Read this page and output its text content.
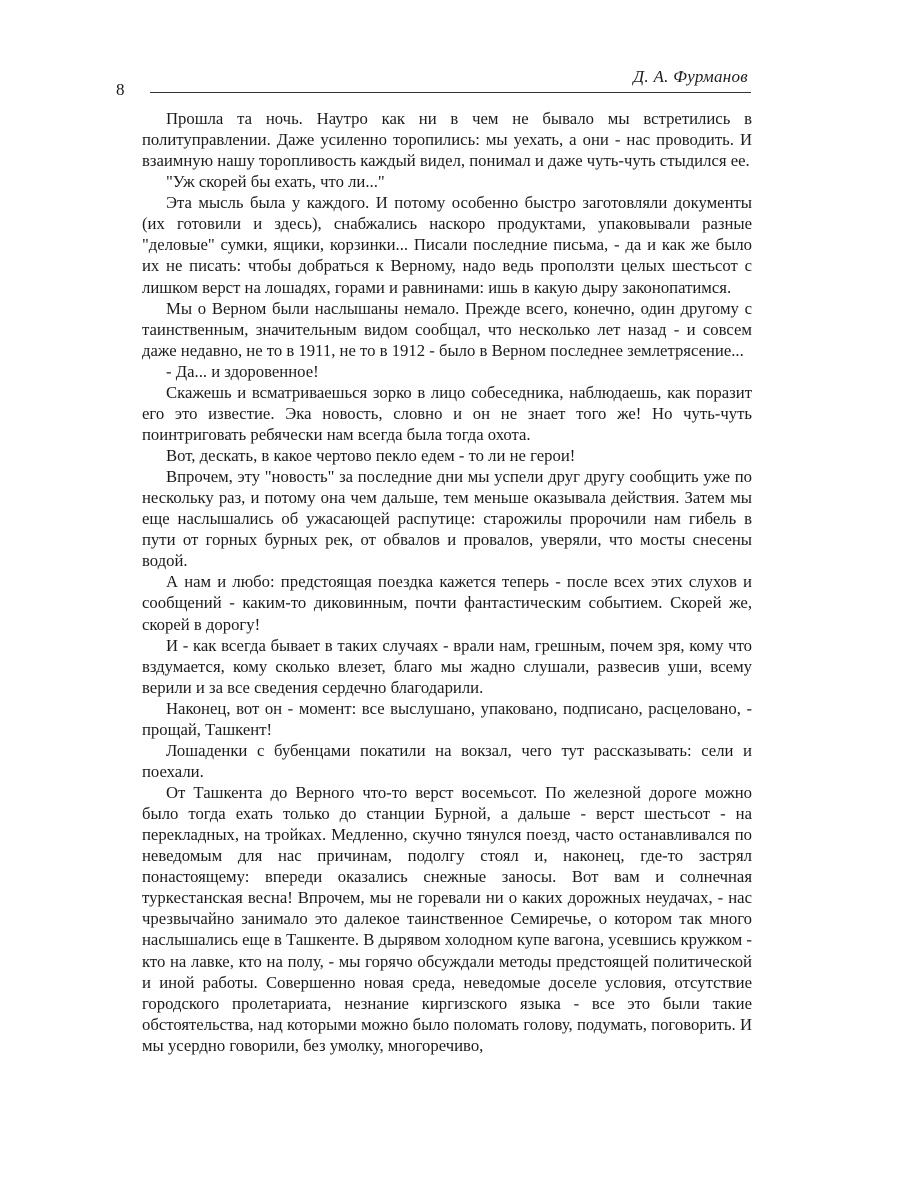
8
Д. А. Фурманов

Прошла та ночь. Наутро как ни в чем не бывало мы встретились в политуправлении. Даже усиленно торопились: мы уехать, а они - нас проводить. И взаимную нашу торопливость каждый видел, понимал и даже чуть-чуть стыдился ее.

"Уж скорей бы ехать, что ли..."

Эта мысль была у каждого. И потому особенно быстро заготовляли документы (их готовили и здесь), снабжались наскоро продуктами, упаковывали разные "деловые" сумки, ящики, корзинки... Писали последние письма, - да и как же было их не писать: чтобы добраться к Верному, надо ведь проползти целых шестьсот с лишком верст на лошадях, горами и равнинами: ишь в какую дыру законопатимся.

Мы о Верном были наслышаны немало. Прежде всего, конечно, один другому с таинственным, значительным видом сообщал, что несколько лет назад - и совсем даже недавно, не то в 1911, не то в 1912 - было в Верном последнее землетрясение...

- Да... и здоровенное!

Скажешь и всматриваешься зорко в лицо собеседника, наблюдаешь, как поразит его это известие. Эка новость, словно и он не знает того же! Но чуть-чуть поинтриговать ребячески нам всегда была тогда охота.

Вот, дескать, в какое чертово пекло едем - то ли не герои!

Впрочем, эту "новость" за последние дни мы успели друг другу сообщить уже по нескольку раз, и потому она чем дальше, тем меньше оказывала действия. Затем мы еще наслышались об ужасающей распутице: старожилы пророчили нам гибель в пути от горных бурных рек, от обвалов и провалов, уверяли, что мосты снесены водой.

А нам и любо: предстоящая поездка кажется теперь - после всех этих слухов и сообщений - каким-то диковинным, почти фантастическим событием. Скорей же, скорей в дорогу!

И - как всегда бывает в таких случаях - врали нам, грешным, почем зря, кому что вздумается, кому сколько влезет, благо мы жадно слушали, развесив уши, всему верили и за все сведения сердечно благодарили.

Наконец, вот он - момент: все выслушано, упаковано, подписано, расцеловано, - прощай, Ташкент!

Лошаденки с бубенцами покатили на вокзал, чего тут рассказывать: сели и поехали.

От Ташкента до Верного что-то верст восемьсот. По железной дороге можно было тогда ехать только до станции Бурной, а дальше - верст шестьсот - на перекладных, на тройках. Медленно, скучно тянулся поезд, часто останавливался по неведомым для нас причинам, подолгу стоял и, наконец, где-то застрял понастоящему: впереди оказались снежные заносы. Вот вам и солнечная туркестанская весна! Впрочем, мы не горевали ни о каких дорожных неудачах, - нас чрезвычайно занимало это далекое таинственное Семиречье, о котором так много наслышались еще в Ташкенте. В дырявом холодном купе вагона, усевшись кружком - кто на лавке, кто на полу, - мы горячо обсуждали методы предстоящей политической и иной работы. Совершенно новая среда, неведомые доселе условия, отсутствие городского пролетариата, незнание киргизского языка - все это были такие обстоятельства, над которыми можно было поломать голову, подумать, поговорить. И мы усердно говорили, без умолку, многоречиво,
